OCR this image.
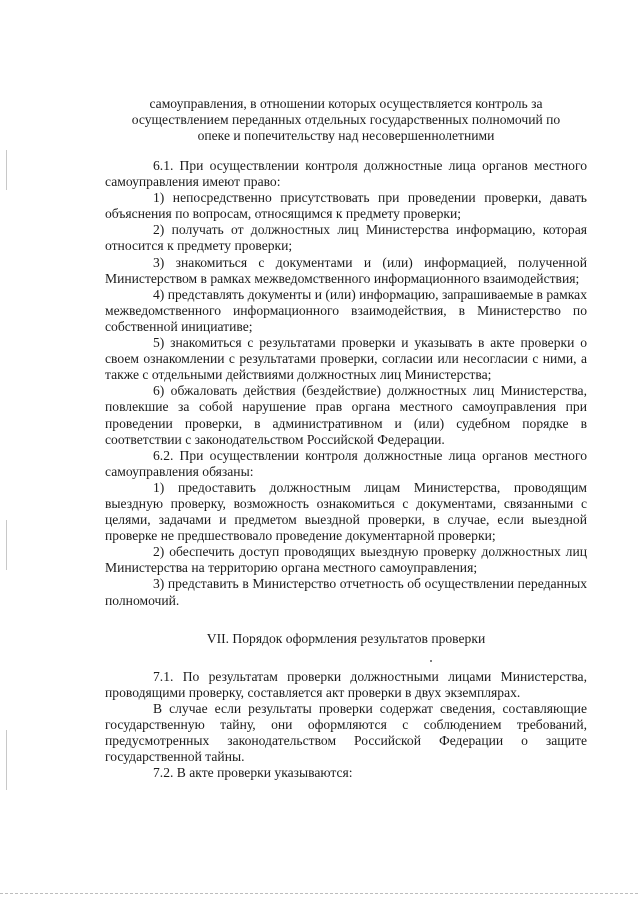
самоуправления, в отношении которых осуществляется контроль за
осуществлением переданных отдельных государственных полномочий по
опеке и попечительству над несовершеннолетними

6.1. При осуществлении контроля должностные лица органов местного самоуправления имеют право:

1) непосредственно присутствовать при проведении проверки, давать объяснения по вопросам, относящимся к предмету проверки;

2) получать от должностных лиц Министерства информацию, которая относится к предмету проверки;

3) знакомиться с документами и (или) информацией, полученной Министерством в рамках межведомственного информационного взаимодействия;

4) представлять документы и (или) информацию, запрашиваемые в рамках межведомственного информационного взаимодействия, в Министерство по собственной инициативе;

5) знакомиться с результатами проверки и указывать в акте проверки о своем ознакомлении с результатами проверки, согласии или несогласии с ними, а также с отдельными действиями должностных лиц Министерства;

6) обжаловать действия (бездействие) должностных лиц Министерства, повлекшие за собой нарушение прав органа местного самоуправления при проведении проверки, в административном и (или) судебном порядке в соответствии с законодательством Российской Федерации.

6.2. При осуществлении контроля должностные лица органов местного самоуправления обязаны:

1) предоставить должностным лицам Министерства, проводящим выездную проверку, возможность ознакомиться с документами, связанными с целями, задачами и предметом выездной проверки, в случае, если выездной проверке не предшествовало проведение документарной проверки;

2) обеспечить доступ проводящих выездную проверку должностных лиц Министерства на территорию органа местного самоуправления;

3) представить в Министерство отчетность об осуществлении переданных полномочий.

VII. Порядок оформления результатов проверки

7.1. По результатам проверки должностными лицами Министерства, проводящими проверку, составляется акт проверки в двух экземплярах.

В случае если результаты проверки содержат сведения, составляющие государственную тайну, они оформляются с соблюдением требований, предусмотренных законодательством Российской Федерации о защите государственной тайны.

7.2. В акте проверки указываются:
